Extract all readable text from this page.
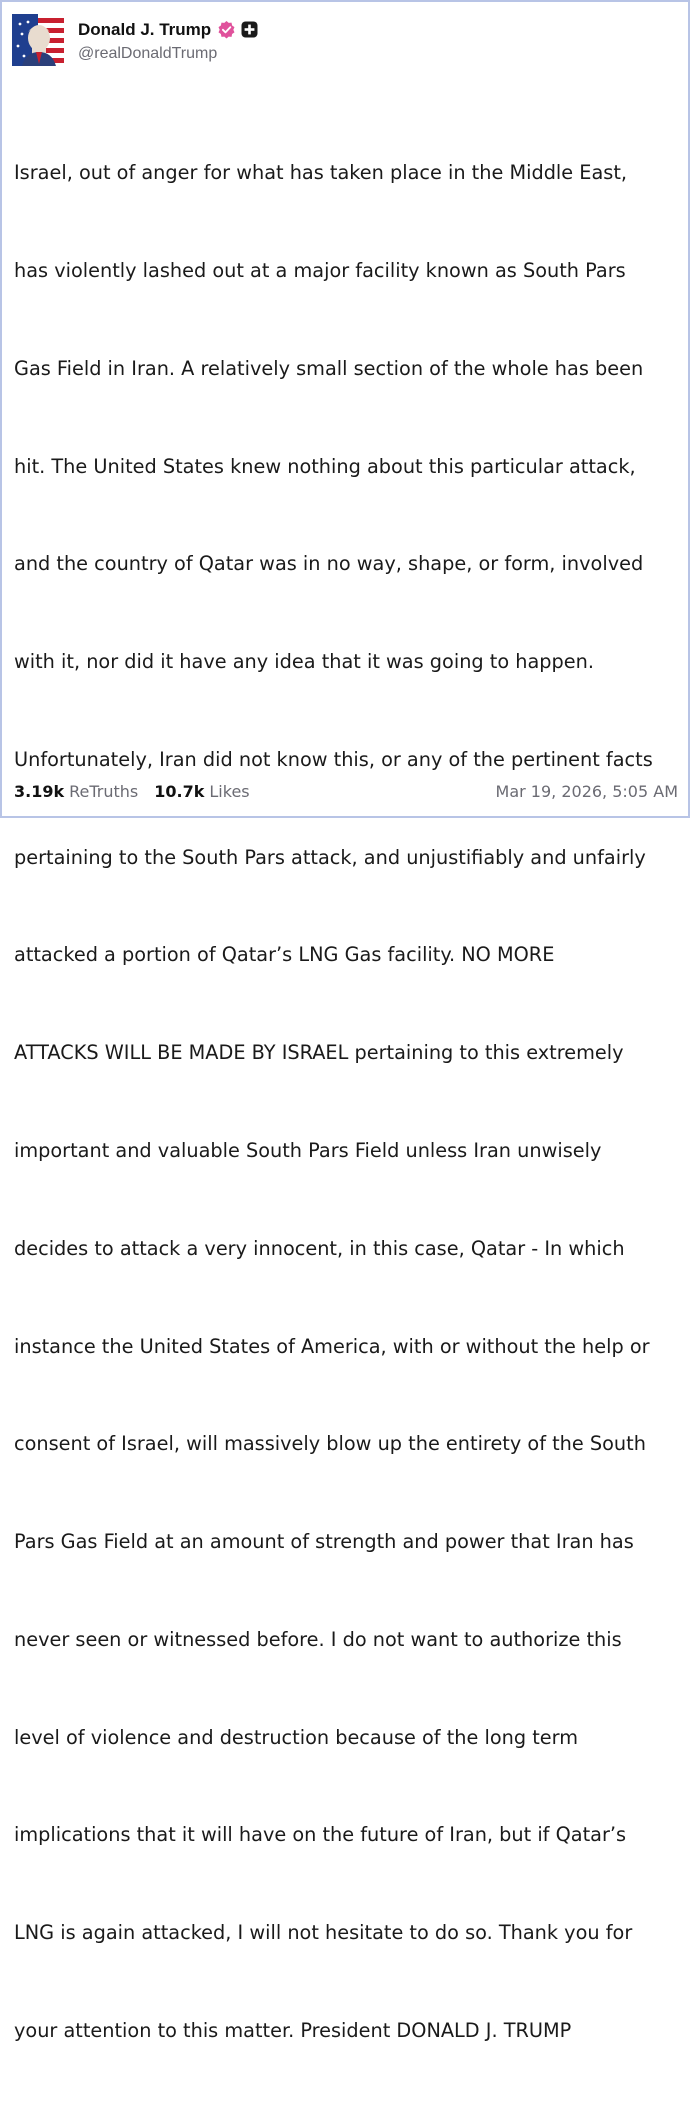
Donald J. Trump
@realDonaldTrump

Israel, out of anger for what has taken place in the Middle East,

has violently lashed out at a major facility known as South Pars

Gas Field in Iran. A relatively small section of the whole has been

hit. The United States knew nothing about this particular attack,

and the country of Qatar was in no way, shape, or form, involved

with it, nor did it have any idea that it was going to happen.

Unfortunately, Iran did not know this, or any of the pertinent facts

pertaining to the South Pars attack, and unjustifiably and unfairly

attacked a portion of Qatar’s LNG Gas facility. NO MORE

ATTACKS WILL BE MADE BY ISRAEL pertaining to this extremely

important and valuable South Pars Field unless Iran unwisely

decides to attack a very innocent, in this case, Qatar - In which

instance the United States of America, with or without the help or

consent of Israel, will massively blow up the entirety of the South

Pars Gas Field at an amount of strength and power that Iran has

never seen or witnessed before. I do not want to authorize this

level of violence and destruction because of the long term

implications that it will have on the future of Iran, but if Qatar’s

LNG is again attacked, I will not hesitate to do so. Thank you for

your attention to this matter. President DONALD J. TRUMP

3.19k ReTruths 10.7k Likes	Mar 19, 2026, 5:05 AM
